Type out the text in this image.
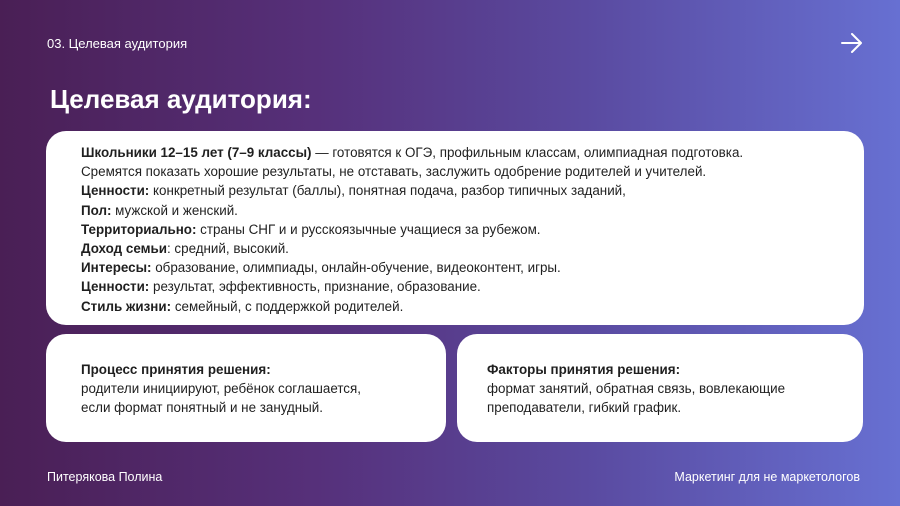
03. Целевая аудитория
Целевая аудитория:
Школьники 12–15 лет (7–9 классы) — готовятся к ОГЭ, профильным классам, олимпиадная подготовка.
Сремятся показать хорошие результаты, не отставать, заслужить одобрение родителей и учителей.
Ценности: конкретный результат (баллы), понятная подача, разбор типичных заданий,
Пол: мужской и женский.
Территориально: страны СНГ и и русскоязычные учащиеся за рубежом.
Доход семьи: средний, высокий.
Интересы: образование, олимпиады, онлайн-обучение, видеоконтент, игры.
Ценности: результат, эффективность, признание, образование.
Стиль жизни: семейный, с поддержкой родителей.
Процесс принятия решения:
родители инициируют, ребёнок соглашается,
если формат понятный и не занудный.
Факторы принятия решения:
формат занятий, обратная связь, вовлекающие
преподаватели, гибкий график.
Питерякова Полина	Маркетинг для не маркетологов
